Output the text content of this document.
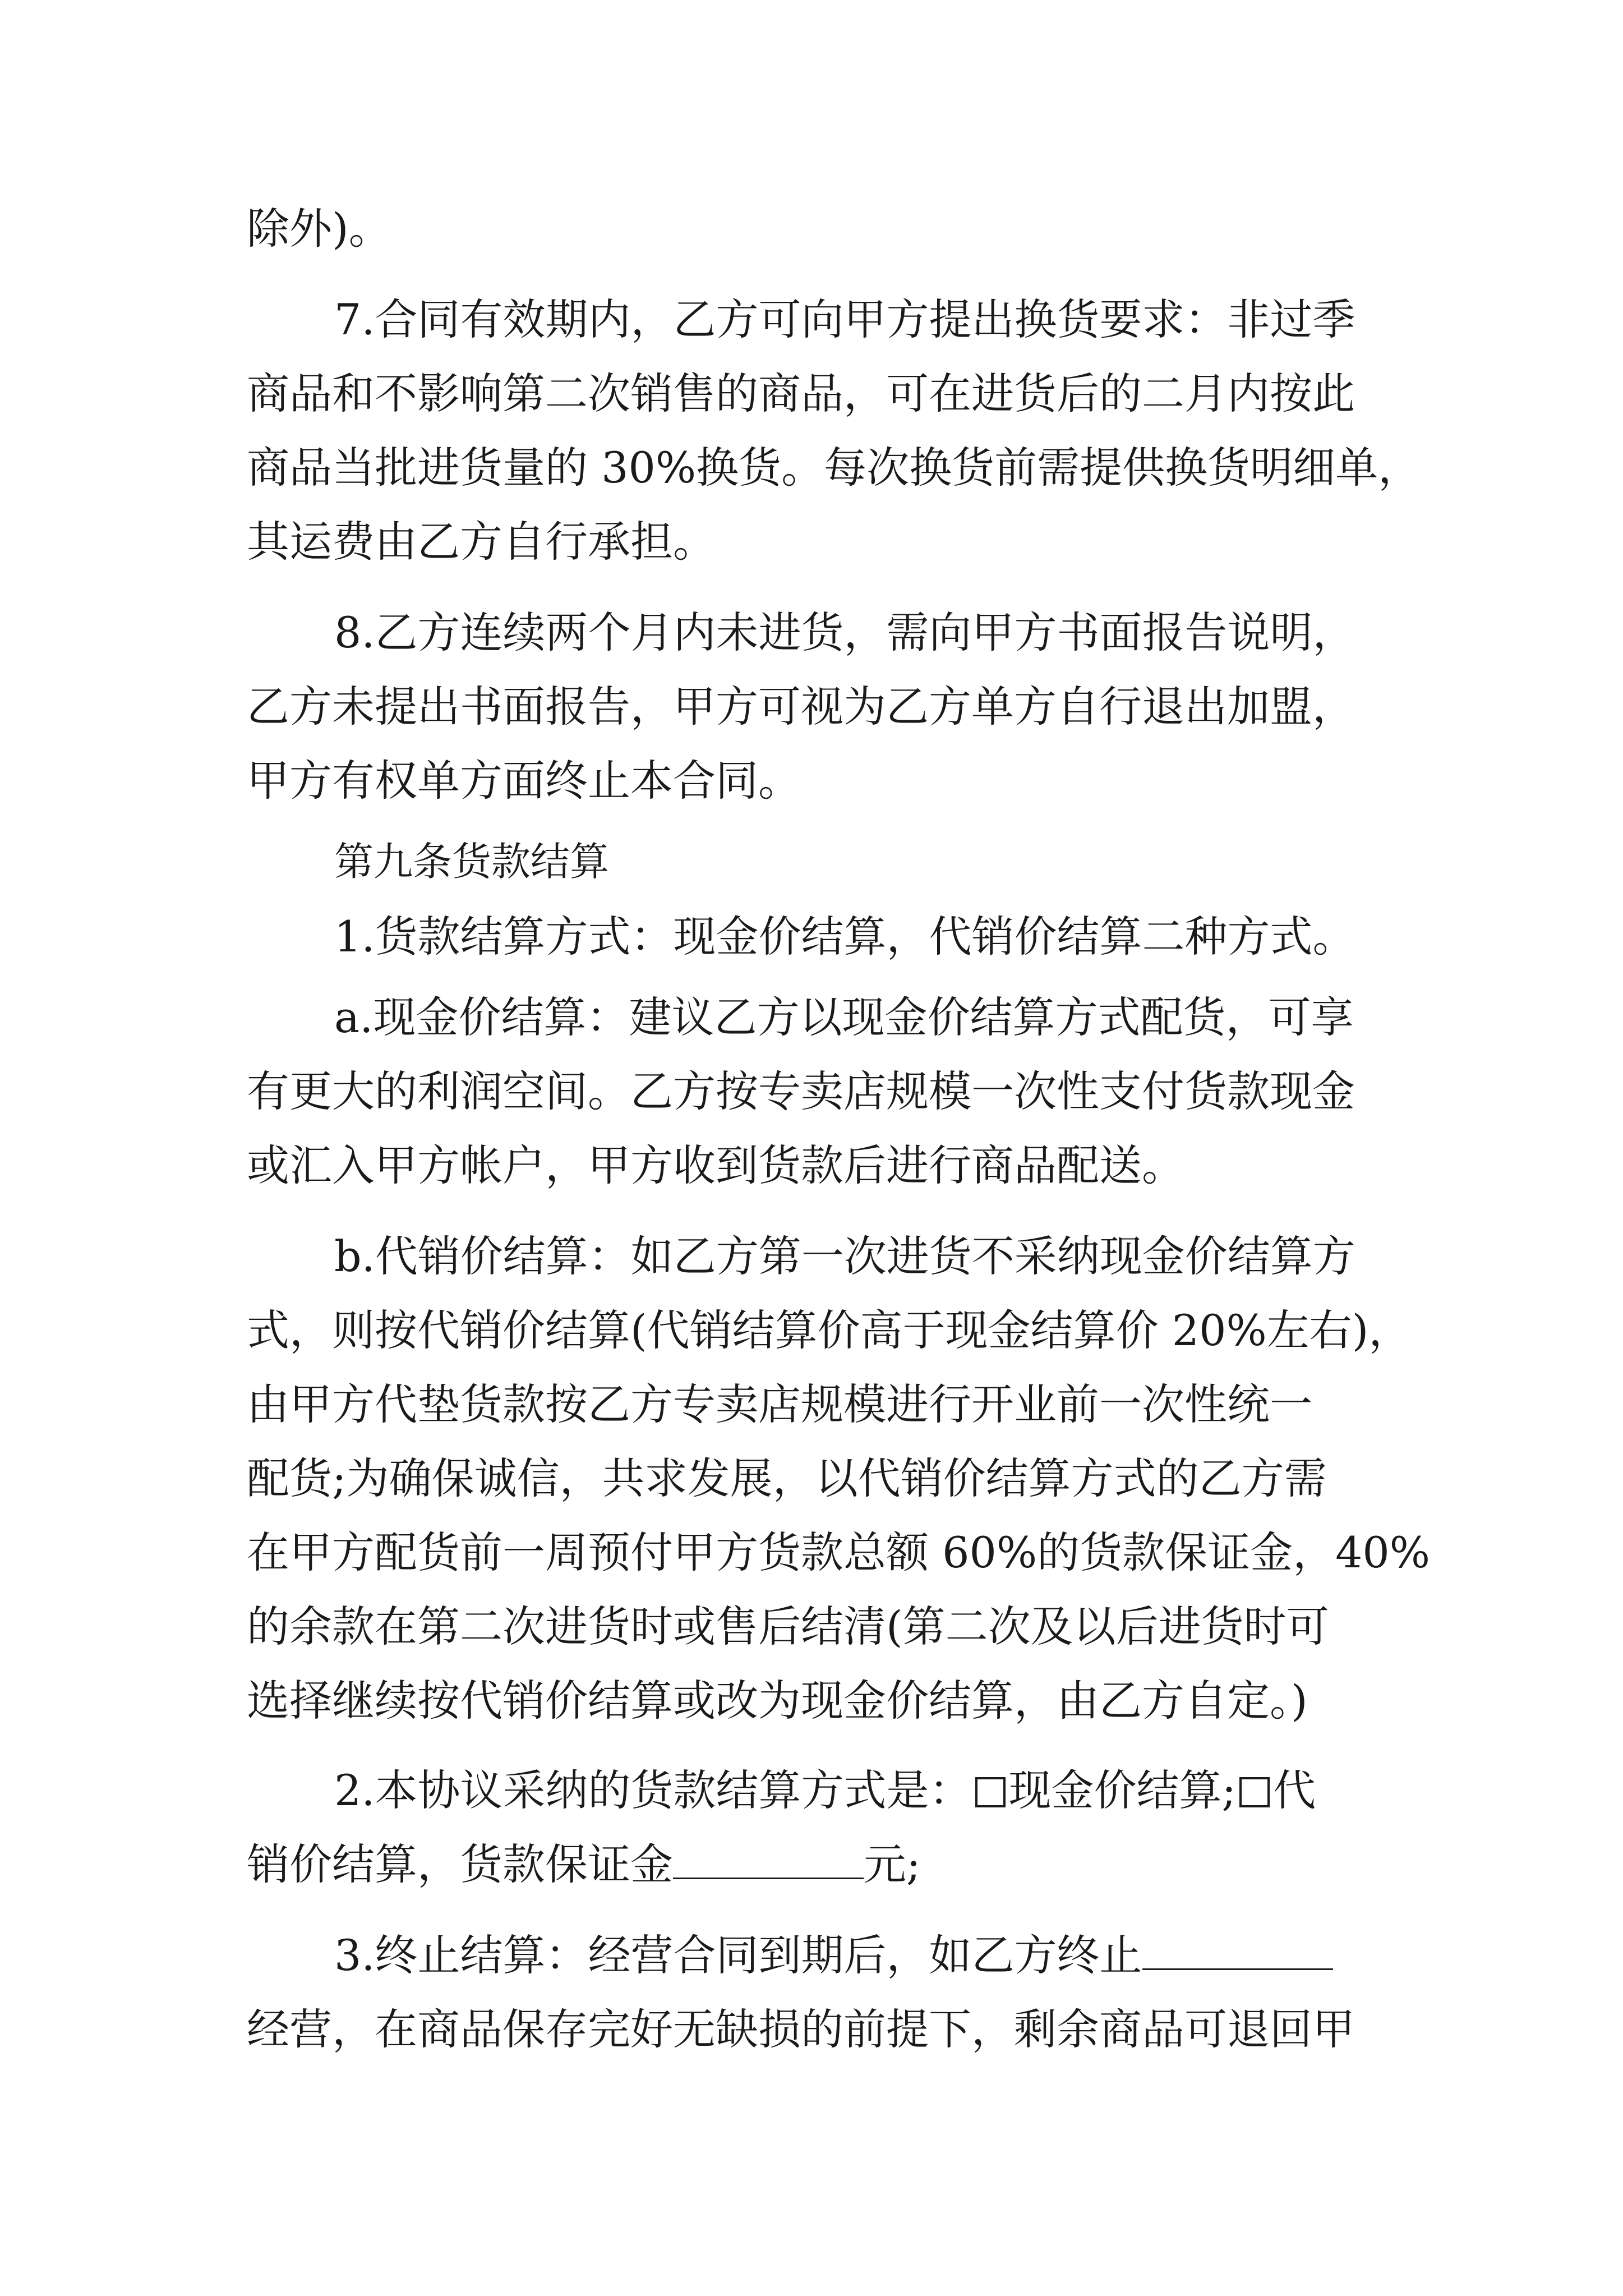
除外)。
7.合同有效期内，乙方可向甲方提出换货要求：非过季
商品和不影响第二次销售的商品，可在进货后的二月内按此
商品当批进货量的 30%换货。每次换货前需提供换货明细单，
其运费由乙方自行承担。
8.乙方连续两个月内未进货，需向甲方书面报告说明，
乙方未提出书面报告，甲方可视为乙方单方自行退出加盟，
甲方有权单方面终止本合同。
第九条货款结算
1.货款结算方式：现金价结算，代销价结算二种方式。
a.现金价结算：建议乙方以现金价结算方式配货，可享
有更大的利润空间。乙方按专卖店规模一次性支付货款现金
或汇入甲方帐户，甲方收到货款后进行商品配送。
b.代销价结算：如乙方第一次进货不采纳现金价结算方
式，则按代销价结算(代销结算价高于现金结算价 20%左右)，
由甲方代垫货款按乙方专卖店规模进行开业前一次性统一
配货;为确保诚信，共求发展，以代销价结算方式的乙方需
在甲方配货前一周预付甲方货款总额 60%的货款保证金，40%
的余款在第二次进货时或售后结清(第二次及以后进货时可
选择继续按代销价结算或改为现金价结算，由乙方自定。)
2.本协议采纳的货款结算方式是： 现金价结算; 代
销价结算，货款保证金	元;
3.终止结算：经营合同到期后，如乙方终止
经营，在商品保存完好无缺损的前提下，剩余商品可退回甲
